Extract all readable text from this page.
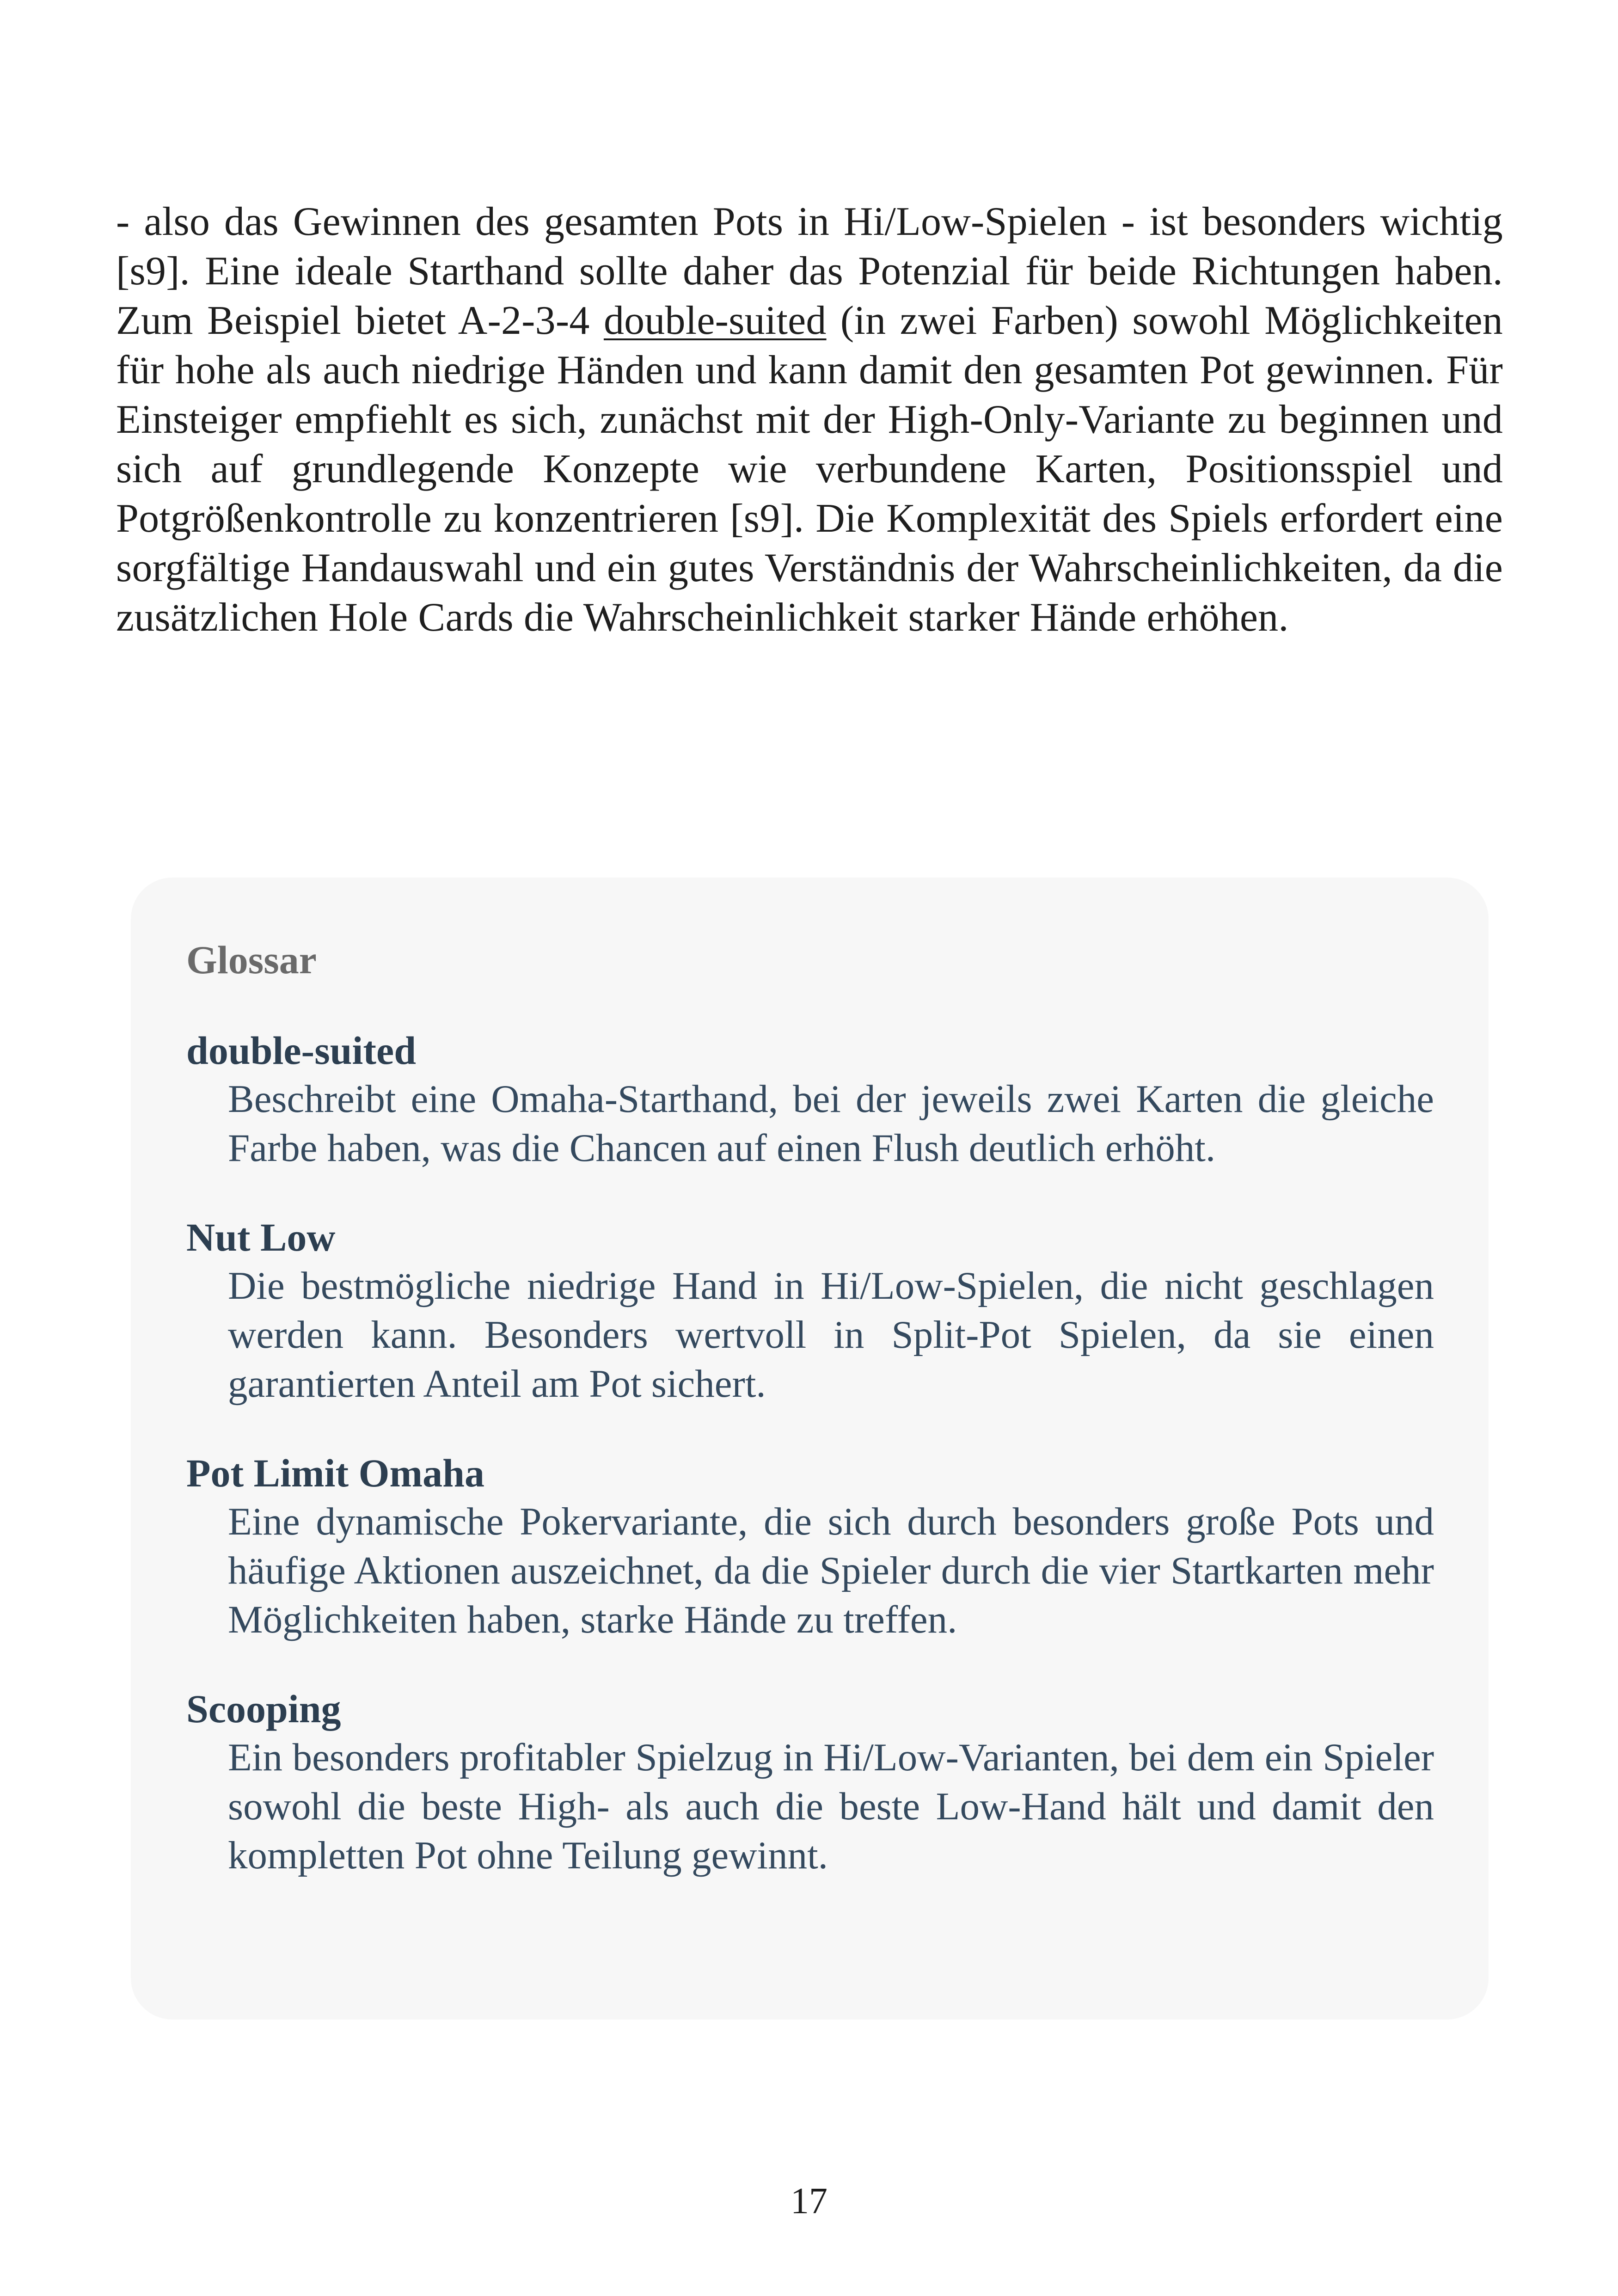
- also das Gewinnen des gesamten Pots in Hi/Low-Spielen - ist besonders wichtig [s9]. Eine ideale Starthand sollte daher das Potenzial für beide Richtungen haben. Zum Beispiel bietet A-2-3-4 double-suited (in zwei Farben) sowohl Möglichkeiten für hohe als auch niedrige Händen und kann damit den gesamten Pot gewinnen. Für Einsteiger empfiehlt es sich, zunächst mit der High-Only-Variante zu beginnen und sich auf grundlegende Konzepte wie verbundene Karten, Positionsspiel und Potgrößenkontrolle zu konzentrieren [s9]. Die Komplexität des Spiels erfordert eine sorgfältige Handauswahl und ein gutes Verständnis der Wahrscheinlichkeiten, da die zusätzlichen Hole Cards die Wahrscheinlichkeit starker Hände erhöhen.

Glossar
double-suited

Beschreibt eine Omaha-Starthand, bei der jeweils zwei Karten die gleiche Farbe haben, was die Chancen auf einen Flush deutlich erhöht.

Nut Low

Die bestmögliche niedrige Hand in Hi/Low-Spielen, die nicht geschlagen werden kann. Besonders wertvoll in Split-Pot Spielen, da sie einen garantierten Anteil am Pot sichert.

Pot Limit Omaha

Eine dynamische Pokervariante, die sich durch besonders große Pots und häufige Aktionen auszeichnet, da die Spieler durch die vier Startkarten mehr Möglichkeiten haben, starke Hände zu treffen.

Scooping

Ein besonders profitabler Spielzug in Hi/Low-Varianten, bei dem ein Spieler sowohl die beste High- als auch die beste Low-Hand hält und damit den kompletten Pot ohne Teilung gewinnt.

17
